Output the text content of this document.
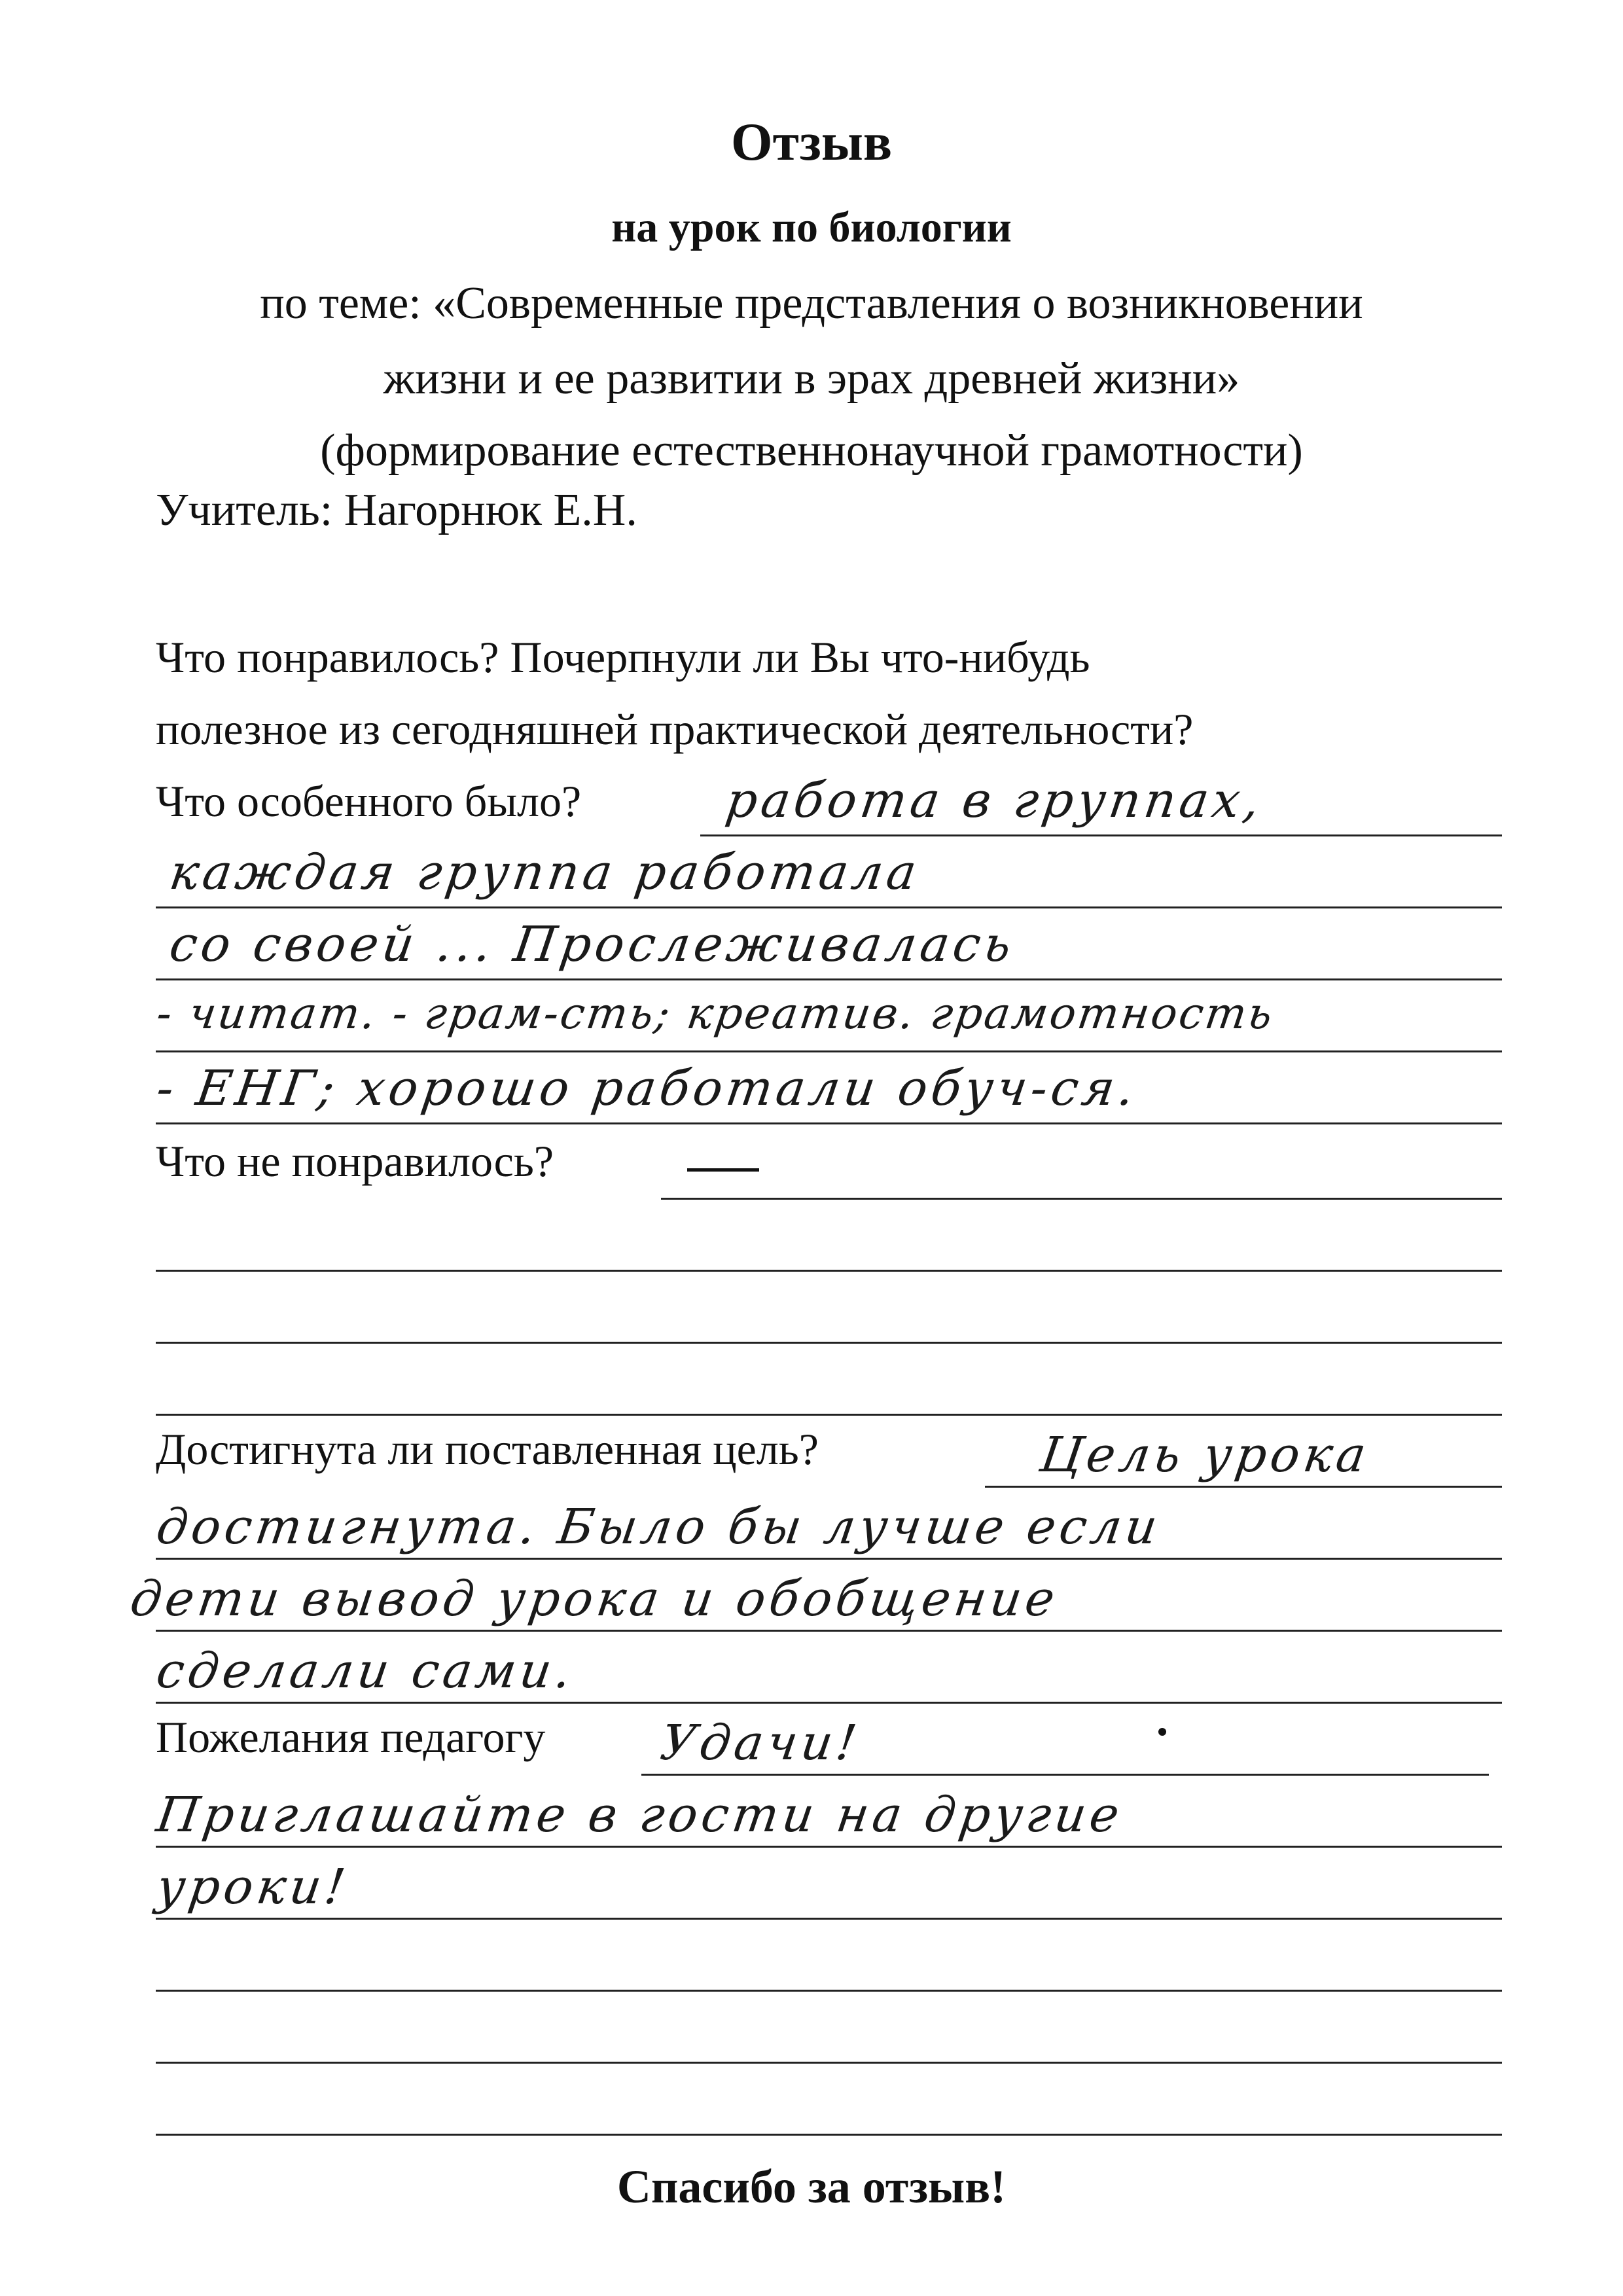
Отзыв
на урок по биологии
по теме: «Современные представления о возникновении
жизни и ее развитии в эрах древней жизни»
(формирование естественнонаучной грамотности)
Учитель: Нагорнюк Е.Н.
Что понравилось? Почерпнули ли Вы что-нибудь
полезное из сегодняшней практической деятельности?
Что особенного было?	работа в группах,
каждая группа работала
со своей ... Прослеживалась
- читат. - грам-сть; креатив. грамотность
- ЕНГ; хорошо работали обуч-ся.
Что не понравилось?
Достигнута ли поставленная цель?	Цель урока
достигнута. Было бы лучше если
дети вывод урока и обобщение
сделали сами.
Пожелания педагогу Удачи!
Приглашайте в гости на другие
уроки!
Спасибо за отзыв!
